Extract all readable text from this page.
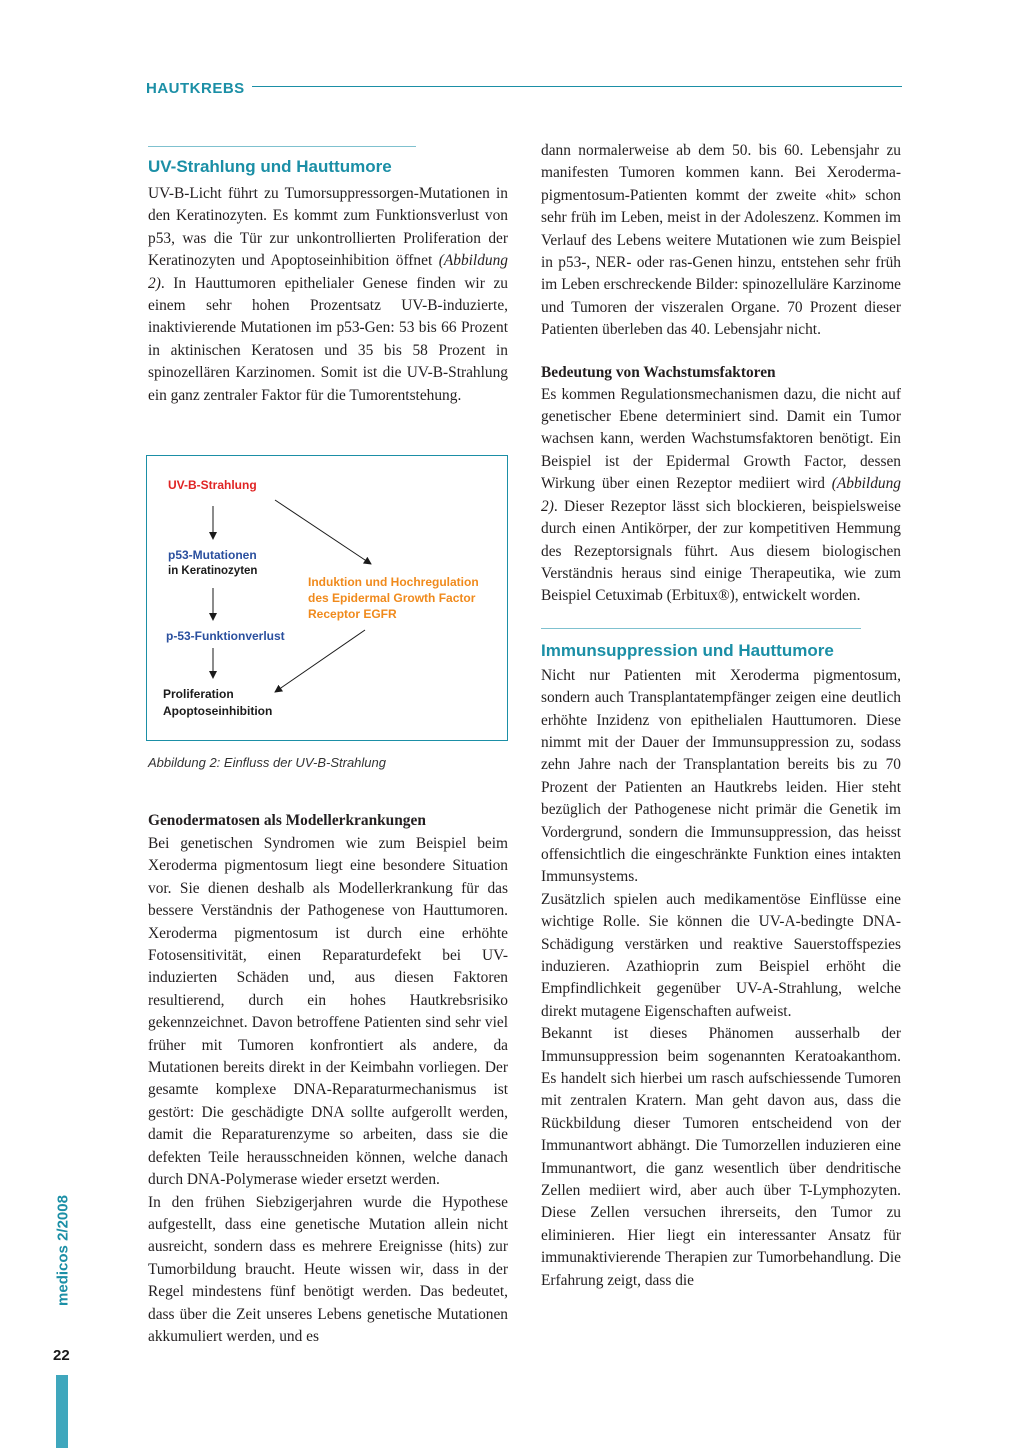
HAUTKREBS
UV-Strahlung und Hauttumore

UV-B-Licht führt zu Tumorsuppressorgen-Mutationen in den Keratinozyten. Es kommt zum Funktionsverlust von p53, was die Tür zur unkontrollierten Proliferation der Keratinozyten und Apoptoseinhibition öffnet (Abbildung 2). In Hauttumoren epithelialer Genese finden wir zu einem sehr hohen Prozentsatz UV-B-induzierte, inaktivierende Mutationen im p53-Gen: 53 bis 66 Prozent in aktinischen Keratosen und 35 bis 58 Prozent in spinozellären Karzinomen. Somit ist die UV-B-Strahlung ein ganz zentraler Faktor für die Tumorentstehung.

UV-B-Strahlung
p53-Mutationen
in Keratinozyten
Induktion und Hochregulation
des Epidermal Growth Factor
Receptor EGFR
p-53-Funktionverlust
Proliferation
Apoptoseinhibition
Abbildung 2: Einfluss der UV-B-Strahlung
Genodermatosen als Modellerkrankungen

Bei genetischen Syndromen wie zum Beispiel beim Xeroderma pigmentosum liegt eine besondere Situation vor. Sie dienen deshalb als Modellerkrankung für das bessere Verständnis der Pathogenese von Hauttumoren. Xeroderma pigmentosum ist durch eine erhöhte Fotosensitivität, einen Reparaturdefekt bei UV-induzierten Schäden und, aus diesen Faktoren resultierend, durch ein hohes Hautkrebsrisiko gekennzeichnet. Davon betroffene Patienten sind sehr viel früher mit Tumoren konfrontiert als andere, da Mutationen bereits direkt in der Keimbahn vorliegen. Der gesamte komplexe DNA-Reparaturmechanismus ist gestört: Die geschädigte DNA sollte aufgerollt werden, damit die Reparaturenzyme so arbeiten, dass sie die defekten Teile herausschneiden können, welche danach durch DNA-Polymerase wieder ersetzt werden.

In den frühen Siebzigerjahren wurde die Hypothese aufgestellt, dass eine genetische Mutation allein nicht ausreicht, sondern dass es mehrere Ereignisse (hits) zur Tumorbildung braucht. Heute wissen wir, dass in der Regel mindestens fünf benötigt werden. Das bedeutet, dass über die Zeit unseres Lebens genetische Mutationen akkumuliert werden, und es

dann normalerweise ab dem 50. bis 60. Lebensjahr zu manifesten Tumoren kommen kann. Bei Xeroderma-pigmentosum-Patienten kommt der zweite «hit» schon sehr früh im Leben, meist in der Adoleszenz. Kommen im Verlauf des Lebens weitere Mutationen wie zum Beispiel in p53-, NER- oder ras-Genen hinzu, entstehen sehr früh im Leben erschreckende Bilder: spinozelluläre Karzinome und Tumoren der viszeralen Organe. 70 Prozent dieser Patienten überleben das 40. Lebensjahr nicht.

Bedeutung von Wachstumsfaktoren

Es kommen Regulationsmechanismen dazu, die nicht auf genetischer Ebene determiniert sind. Damit ein Tumor wachsen kann, werden Wachstumsfaktoren benötigt. Ein Beispiel ist der Epidermal Growth Factor, dessen Wirkung über einen Rezeptor mediiert wird (Abbildung 2). Dieser Rezeptor lässt sich blockieren, beispielsweise durch einen Antikörper, der zur kompetitiven Hemmung des Rezeptorsignals führt. Aus diesem biologischen Verständnis heraus sind einige Therapeutika, wie zum Beispiel Cetuximab (Erbitux®), entwickelt worden.

Immunsuppression und Hauttumore

Nicht nur Patienten mit Xeroderma pigmentosum, sondern auch Transplantatempfänger zeigen eine deutlich erhöhte Inzidenz von epithelialen Hauttumoren. Diese nimmt mit der Dauer der Immunsuppression zu, sodass zehn Jahre nach der Transplantation bereits bis zu 70 Prozent der Patienten an Hautkrebs leiden. Hier steht bezüglich der Pathogenese nicht primär die Genetik im Vordergrund, sondern die Immunsuppression, das heisst offensichtlich die eingeschränkte Funktion eines intakten Immunsystems.

Zusätzlich spielen auch medikamentöse Einflüsse eine wichtige Rolle. Sie können die UV-A-bedingte DNA-Schädigung verstärken und reaktive Sauerstoffspezies induzieren. Azathioprin zum Beispiel erhöht die Empfindlichkeit gegenüber UV-A-Strahlung, welche direkt mutagene Eigenschaften aufweist.

Bekannt ist dieses Phänomen ausserhalb der Immunsuppression beim sogenannten Keratoakanthom. Es handelt sich hierbei um rasch aufschiessende Tumoren mit zentralen Kratern. Man geht davon aus, dass die Rückbildung dieser Tumoren entscheidend von der Immunantwort abhängt. Die Tumorzellen induzieren eine Immunantwort, die ganz wesentlich über dendritische Zellen mediiert wird, aber auch über T-Lymphozyten. Diese Zellen versuchen ihrerseits, den Tumor zu eliminieren. Hier liegt ein interessanter Ansatz für immunaktivierende Therapien zur Tumorbehandlung. Die Erfahrung zeigt, dass die

medicos 2/2008
22
